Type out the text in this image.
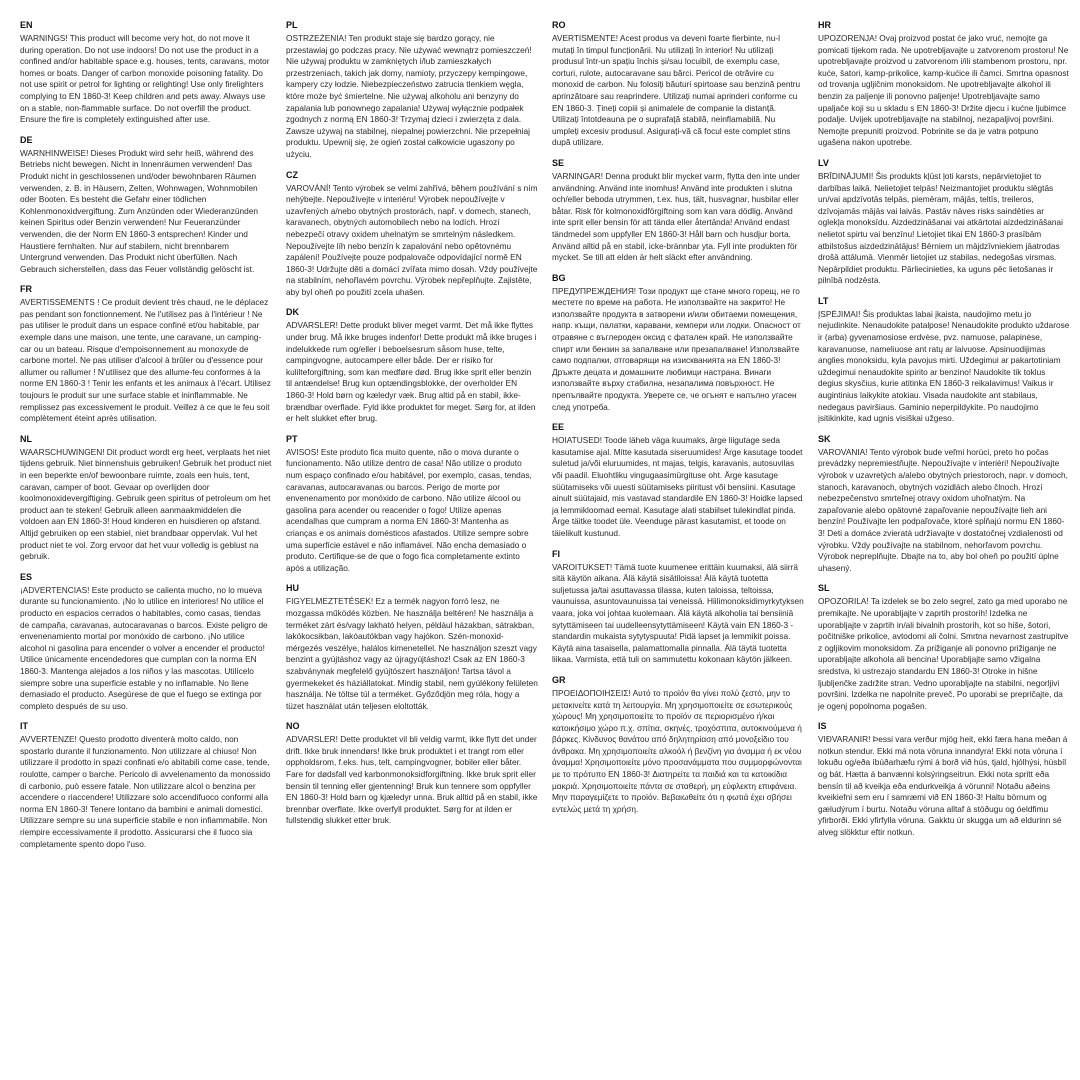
EN

WARNINGS! This product will become very hot, do not move it during operation. Do not use indoors! Do not use the product in a confined and/or habitable space e.g. houses, tents, caravans, motor homes or boats. Danger of carbon monoxide poisoning fatality. Do not use spirit or petrol for lighting or relighting! Use only firelighters complying to EN 1860-3! Keep children and pets away. Always use on a stable, non-flammable surface. Do not overfill the product. Ensure the fire is completely extinguished after use.

DE

WARNHINWEISE! Dieses Produkt wird sehr heiß, während des Betriebs nicht bewegen. Nicht in Innenräumen verwenden! Das Produkt nicht in geschlossenen und/oder bewohnbaren Räumen verwenden, z. B. in Häusern, Zelten, Wohnwagen, Wohnmobilen oder Booten. Es besteht die Gefahr einer tödlichen Kohlenmonoxidvergiftung. Zum Anzünden oder Wiederanzünden keinen Spiritus oder Benzin verwenden! Nur Feueranzünder verwenden, die der Norm EN 1860-3 entsprechen! Kinder und Haustiere fernhalten. Nur auf stabilem, nicht brennbarem Untergrund verwenden. Das Produkt nicht überfüllen. Nach Gebrauch sicherstellen, dass das Feuer vollständig gelöscht ist.

FR

AVERTISSEMENTS ! Ce produit devient très chaud, ne le déplacez pas pendant son fonctionnement. Ne l'utilisez pas à l'intérieur ! Ne pas utiliser le produit dans un espace confiné et/ou habitable, par exemple dans une maison, une tente, une caravane, un camping-car ou un bateau. Risque d'empoisonnement au monoxyde de carbone mortel. Ne pas utiliser d'alcool à brûler ou d'essence pour allumer ou rallumer ! N'utilisez que des allume-feu conformes à la norme EN 1860-3 ! Tenir les enfants et les animaux à l'écart. Utilisez toujours le produit sur une surface stable et ininflammable. Ne remplissez pas excessivement le produit. Veillez à ce que le feu soit complètement éteint après utilisation.

NL

WAARSCHUWINGEN! Dit product wordt erg heet, verplaats het niet tijdens gebruik. Niet binnenshuis gebruiken! Gebruik het product niet in een beperkte en/of bewoonbare ruimte, zoals een huis, tent, caravan, camper of boot. Gevaar op overlijden door koolmonoxidevergiftiging. Gebruik geen spiritus of petroleum om het product aan te steken! Gebruik alleen aanmaakmiddelen die voldoen aan EN 1860-3! Houd kinderen en huisdieren op afstand. Altijd gebruiken op een stabiel, niet brandbaar oppervlak. Vul het product niet te vol. Zorg ervoor dat het vuur volledig is geblust na gebruik.

ES

¡ADVERTENCIAS! Este producto se calienta mucho, no lo mueva durante su funcionamiento. ¡No lo utilice en interiores! No utilice el producto en espacios cerrados o habitables, como casas, tiendas de campaña, caravanas, autocaravanas o barcos. Existe peligro de envenenamiento mortal por monóxido de carbono. ¡No utilice alcohol ni gasolina para encender o volver a encender el producto! Utilice únicamente encendedores que cumplan con la norma EN 1860-3. Mantenga alejados a los niños y las mascotas. Utilícelo siempre sobre una superficie estable y no inflamable. No llene demasiado el producto. Asegúrese de que el fuego se extinga por completo después de su uso.

IT

AVVERTENZE! Questo prodotto diventerà molto caldo, non spostarlo durante il funzionamento. Non utilizzare al chiuso! Non utilizzare il prodotto in spazi confinati e/o abitabili come case, tende, roulotte, camper o barche. Pericolo di avvelenamento da monossido di carbonio, può essere fatale. Non utilizzare alcol o benzina per accendere o riaccendere! Utilizzare solo accendifuoco conformi alla norma EN 1860-3! Tenere lontano da bambini e animali domestici. Utilizzare sempre su una superficie stabile e non infiammabile. Non riempire eccessivamente il prodotto. Assicurarsi che il fuoco sia completamente spento dopo l'uso.

PL

OSTRZEŻENIA! Ten produkt staje się bardzo gorący, nie przestawiaj go podczas pracy. Nie używać wewnątrz pomieszczeń! Nie używaj produktu w zamkniętych i/lub zamieszkałych przestrzeniach, takich jak domy, namioty, przyczepy kempingowe, kampery czy łodzie. Niebezpieczeństwo zatrucia tlenkiem węgla, które może być śmiertelne. Nie używaj alkoholu ani benzyny do zapalania lub ponownego zapalania! Używaj wyłącznie podpałek zgodnych z normą EN 1860-3! Trzymaj dzieci i zwierzęta z dala. Zawsze używaj na stabilnej, niepalnej powierzchni. Nie przepełniaj produktu. Upewnij się, że ogień został całkowicie ugaszony po użyciu.

CZ

VAROVÁNÍ! Tento výrobek se velmi zahřívá, během používání s ním nehýbejte. Nepoužívejte v interiéru! Výrobek nepoužívejte v uzavřených a/nebo obytných prostorách, např. v domech, stanech, karavanech, obytných automobilech nebo na lodích. Hrozí nebezpečí otravy oxidem uhelnatým se smrtelným následkem. Nepoužívejte líh nebo benzín k zapalování nebo opětovnému zapálení! Používejte pouze podpalovače odpovídající normě EN 1860-3! Udržujte děti a domácí zvířata mimo dosah. Vždy používejte na stabilním, nehořlavém povrchu. Výrobek nepřeplňujte. Zajistěte, aby byl oheň po použití zcela uhašen.

DK

ADVARSLER! Dette produkt bliver meget varmt. Det må ikke flyttes under brug. Må ikke bruges indenfor! Dette produkt må ikke bruges i indelukkede rum og/eller i beboelsesrum såsom huse, telte, campingvogne, autocampere eller både. Der er risiko for kulilteforgiftning, som kan medføre død. Brug ikke sprit eller benzin til antændelse! Brug kun optændingsblokke, der overholder EN 1860-3! Hold børn og kæledyr væk. Brug altid på en stabil, ikke-brændbar overflade. Fyld ikke produktet for meget. Sørg for, at ilden er helt slukket efter brug.

PT

AVISOS! Este produto fica muito quente, não o mova durante o funcionamento. Não utilize dentro de casa! Não utilize o produto num espaço confinado e/ou habitável, por exemplo, casas, tendas, caravanas, autocaravanas ou barcos. Perigo de morte por envenenamento por monóxido de carbono. Não utilize álcool ou gasolina para acender ou reacender o fogo! Utilize apenas acendalhas que cumpram a norma EN 1860-3! Mantenha as crianças e os animais domésticos afastados. Utilize sempre sobre uma superfície estável e não inflamável. Não encha demasiado o produto. Certifique-se de que o fogo fica completamente extinto após a utilização.

HU

FIGYELMEZTETÉSEK! Ez a termék nagyon forró lesz, ne mozgassa működés közben. Ne használja beltéren! Ne használja a terméket zárt és/vagy lakható helyen, például házakban, sátrakban, lakókocsikban, lakóautókban vagy hajókon. Szén-monoxid-mérgezés veszélye, halálos kimenetellel. Ne használjon szeszt vagy benzint a gyújtáshoz vagy az újragyújtáshoz! Csak az EN 1860-3 szabványnak megfelelő gyújtószert használjon! Tartsa távol a gyermekeket és háziállatokat. Mindig stabil, nem gyúlékony felületen használja. Ne töltse túl a terméket. Győződjön meg róla, hogy a tüzet használat után teljesen eloltották.

NO

ADVARSLER! Dette produktet vil bli veldig varmt, ikke flytt det under drift. Ikke bruk innendørs! Ikke bruk produktet i et trangt rom eller oppholdsrom, f.eks. hus, telt, campingvogner, bobiler eller båter. Fare for dødsfall ved karbonmonoksidforgiftning. Ikke bruk sprit eller bensin til tenning eller gjentenning! Bruk kun tennere som oppfyller EN 1860-3! Hold barn og kjæledyr unna. Bruk alltid på en stabil, ikke brennbar overflate. Ikke overfyll produktet. Sørg for at ilden er fullstendig slukket etter bruk.

RO

AVERTISMENTE! Acest produs va deveni foarte fierbinte, nu-l mutați în timpul funcționării. Nu utilizați în interior! Nu utilizați produsul într-un spațiu închis și/sau locuibil, de exemplu case, corturi, rulote, autocaravane sau bărci. Pericol de otrăvire cu monoxid de carbon. Nu folosiți băuturi spirtoase sau benzină pentru aprinzătoare sau reaprindere. Utilizați numai aprinderi conforme cu EN 1860-3. Țineți copiii și animalele de companie la distanță. Utilizați întotdeauna pe o suprafață stabilă, neinflamabilă. Nu umpleți excesiv produsul. Asigurați-vă că focul este complet stins după utilizare.

SE

VARNINGAR! Denna produkt blir mycket varm, flytta den inte under användning. Använd inte inomhus! Använd inte produkten i slutna och/eller beboda utrymmen, t.ex. hus, tält, husvagnar, husbilar eller båtar. Risk för kolmonoxidförgiftning som kan vara dödlig. Använd inte sprit eller bensin för att tända eller återtända! Använd endast tändmedel som uppfyller EN 1860-3! Håll barn och husdjur borta. Använd alltid på en stabil, icke-brännbar yta. Fyll inte produkten för mycket. Se till att elden är helt släckt efter användning.

BG

ПРЕДУПРЕЖДЕНИЯ! Този продукт ще стане много горещ, не го местете по време на работа. Не използвайте на закрито! Не използвайте продукта в затворени и/или обитаеми помещения, напр. къщи, палатки, каравани, кемпери или лодки. Опасност от отравяне с въглероден оксид с фатален край. Не използвайте спирт или бензин за запалване или презапалване! Използвайте само подпалки, отговарящи на изискванията на EN 1860-3! Дръжте децата и домашните любимци настрана. Винаги използвайте върху стабилна, незапалима повърхност. Не препълвайте продукта. Уверете се, че огънят е напълно угасен след употреба.

EE

HOIATUSED! Toode läheb väga kuumaks, ärge liigutage seda kasutamise ajal. Mitte kasutada siseruumides! Ärge kasutage toodet suletud ja/või eluruumides, nt majas, telgis, karavanis, autosuvilas või paadil. Eluohtliku vingugaasimürgituse oht. Ärge kasutage süütamiseks või uuesti süütamiseks piiritust või bensiini. Kasutage ainult süütajaid, mis vastavad standardile EN 1860-3! Hoidke lapsed ja lemmikloomad eemal. Kasutage alati stabiilset tulekindlat pinda. Ärge täitke toodet üle. Veenduge pärast kasutamist, et toode on täielikult kustunud.

FI

VAROITUKSET! Tämä tuote kuumenee erittäin kuumaksi, älä siirrä sitä käytön aikana. Älä käytä sisätiloissa! Älä käytä tuotetta suljetussa ja/tai asuttavassa tilassa, kuten taloissa, teltoissa, vaunuissa, asuntovaunuissa tai veneissä. Hiilimonoksidimyrkytyksen vaara, joka voi johtaa kuolemaan. Älä käytä alkoholia tai bensiiniä sytyttämiseen tai uudelleensytyttämiseen! Käytä vain EN 1860-3 -standardin mukaista sytytyspuuta! Pidä lapset ja lemmikit poissa. Käytä aina tasaisella, palamattomalla pinnalla. Älä täytä tuotetta liikaa. Varmista, että tuli on sammutettu kokonaan käytön jälkeen.

GR

ΠΡΟΕΙΔΟΠΟΙΗΣΕΙΣ! Αυτό το προϊόν θα γίνει πολύ ζεστό, μην το μετακινείτε κατά τη λειτουργία. Μη χρησιμοποιείτε σε εσωτερικούς χώρους! Μη χρησιμοποιείτε το προϊόν σε περιορισμένο ή/και κατοικήσιμο χώρο π.χ. σπίτια, σκηνές, τροχόσπιτα, αυτοκινούμενα ή βάρκες. Κίνδυνος θανάτου από δηλητηρίαση από μονοξείδιο του άνθρακα. Μη χρησιμοποιείτε αλκοόλ ή βενζίνη για άναμμα ή εκ νέου άναμμα! Χρησιμοποιείτε μόνο προσανάμματα που συμμορφώνονται με το πρότυπο EN 1860-3! Διατηρείτε τα παιδιά και τα κατοικίδια μακριά. Χρησιμοποιείτε πάντα σε σταθερή, μη εύφλεκτη επιφάνεια. Μην παραγεμίζετε το προϊόν. Βεβαιωθείτε ότι η φωτιά έχει σβήσει εντελώς μετά τη χρήση.

HR

UPOZORENJA! Ovaj proizvod postat će jako vruć, nemojte ga pomicati tijekom rada. Ne upotrebljavajte u zatvorenom prostoru! Ne upotrebljavajte proizvod u zatvorenom i/ili stambenom prostoru, npr. kuće, šatori, kamp-prikolice, kamp-kućice ili čamci. Smrtna opasnost od trovanja ugljičnim monoksidom. Ne upotrebljavajte alkohol ili benzin za paljenje ili ponovno paljenje! Upotrebljavajte samo upaljače koji su u skladu s EN 1860-3! Držite djecu i kućne ljubimce podalje. Uvijek upotrebljavajte na stabilnoj, nezapaljivoj površini. Nemojte prepuniti proizvod. Pobrinite se da je vatra potpuno ugašena nakon upotrebe.

LV

BRĪDINĀJUMI! Šis produkts kļūst ļoti karsts, nepārvietojiet to darbības laikā. Nelietojiet telpās! Neizmantojiet produktu slēgtās un/vai apdzīvotās telpās, piemēram, mājās, teltīs, treileros, dzīvojamās mājās vai laivās. Pastāv nāves risks saindēties ar oglekļa monoksīdu. Aizdedzināšanai vai atkārtotai aizdedzināšanai nelietot spirtu vai benzīnu! Lietojiet tikai EN 1860-3 prasībām atbilstošus aizdedzinātājus! Bērniem un mājdzīvniekiem jāatrodas drošā attālumā. Vienmēr lietojiet uz stabilas, nedegošas virsmas. Nepārpildiet produktu. Pārliecinieties, ka uguns pēc lietošanas ir pilnībā nodzēsta.

LT

ĮSPĖJIMAI! Šis produktas labai įkaista, naudojimo metu jo nejudinkite. Nenaudokite patalpose! Nenaudokite produkto uždarose ir (arba) gyvenamosiose erdvėse, pvz. namuose, palapinėse, karavanuose, nameliuose ant ratų ar laivuose. Apsinuodijimas anglies monoksidu, kyla pavojus mirti. Uždegimui ar pakartotiniam uždegimui nenaudokite spirito ar benzino! Naudokite tik toklus degius skysčius, kurie atitinka EN 1860-3 reikalavimus! Vaikus ir augintinius laikykite atokiau. Visada naudokite ant stabilaus, nedegaus paviršiaus. Gaminio neperpildykite. Po naudojimo įsitikinkite, kad ugnis visiškai užgeso.

SK

VAROVANIA! Tento výrobok bude veľmi horúci, preto ho počas prevádzky nepremiestňujte. Nepoužívajte v interiéri! Nepoužívajte výrobok v uzavretých a/alebo obytných priestoroch, napr. v domoch, stanoch, karavanoch, obytných vozidlách alebo člnoch. Hrozí nebezpečenstvo smrteľnej otravy oxidom uhoľnatým. Na zapaľovanie alebo opätovné zapaľovanie nepoužívajte lieh ani benzín! Používajte len podpaľovače, ktoré spĺňajú normu EN 1860-3! Deti a domáce zvieratá udržiavajte v dostatočnej vzdialenosti od výrobku. Vždy používajte na stabilnom, nehorľavom povrchu. Výrobok nepreplňujte. Dbajte na to, aby bol oheň po použití úplne uhasený.

SL

OPOZORILA! Ta izdelek se bo zelo segrel, zato ga med uporabo ne premikajte. Ne uporabljajte v zaprtih prostorih! Izdelka ne uporabljajte v zaprtih in/ali bivalnih prostorih, kot so hiše, šotori, počitniške prikolice, avtodomi ali čolni. Smrtna nevarnost zastrupitve z ogljikovim monoksidom. Za prižiganje ali ponovno prižiganje ne uporabljajte alkohola ali bencina! Uporabljajte samo vžigalna sredstva, ki ustrezajo standardu EN 1860-3! Otroke in hišne ljubljenčke zadržite stran. Vedno uporabljajte na stabilni, negorljivi površini. Izdelka ne napolnite preveč. Po uporabi se prepričajte, da je ogenj popolnoma pogašen.

IS

VIÐVARANIR! Þessi vara verður mjög heit, ekki færa hana meðan á notkun stendur. Ekki má nota vöruna innandyra! Ekki nota vöruna í lokuðu og/eða íbúðarhæfu rými á borð við hús, tjald, hjólhýsi, húsbíl og bát. Hætta á banvænni kolsýringseitrun. Ekki nota spritt eða bensín til að kveikja eða endurkveikja á vörunni! Notaðu aðeins kveikiefni sem eru í samræmi við EN 1860-3! Haltu börnum og gæludýrum í burtu. Notaðu vöruna alltaf á stöðugu og óeldfimu yfirborði. Ekki yfirfylla vöruna. Gakktu úr skugga um að eldurinn sé alveg slökktur eftir notkun.
